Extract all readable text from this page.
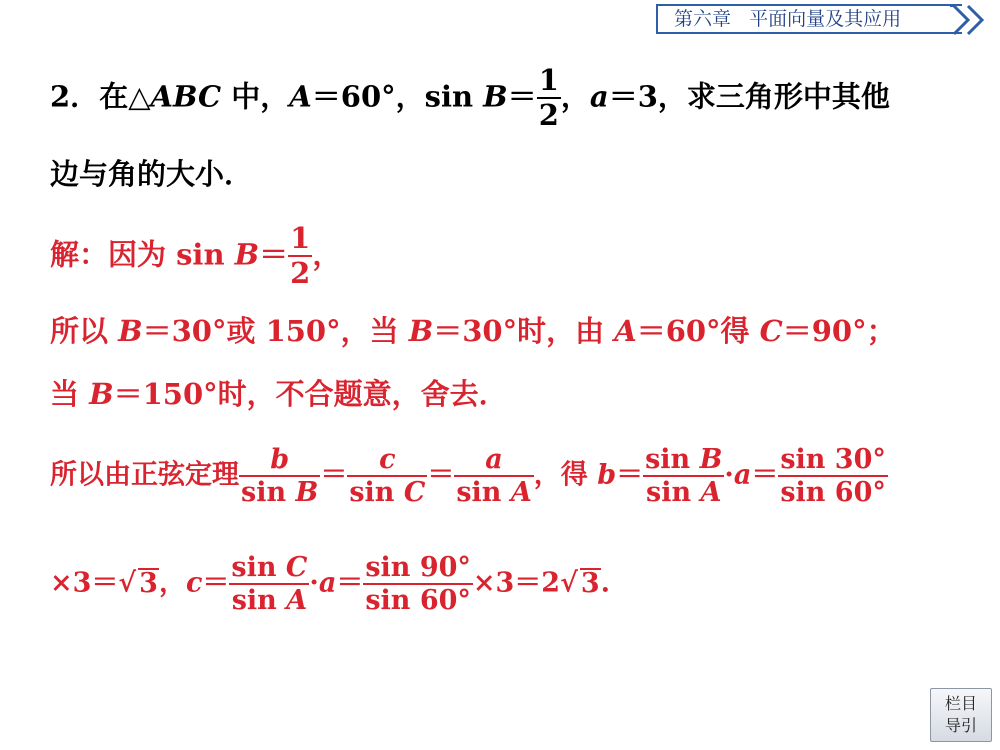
第六章 平面向量及其应用
2．在△ABC 中，A＝60°，$\sin B= \frac{1}{2}$ ，a＝3，求三角形中其他
边与角的大小．
解：因为 $\sin B= \frac{1}{2}$ ，
所以 B＝30°或 150°，当 B＝30°时，由 A＝60°得 C＝90°；
当 B＝150°时，不合题意，舍去．
所以由正弦定理 $\frac{b}{\text{sin B}} = \frac{c}{\text{sin C}} = \frac{a}{\text{sin A}}$ ，得 $b= \frac{\text{sin B}}{\text{sin A}} \cdot a= \frac{\sin 30^\circ}{\sin 60^\circ}$
×3＝√ 3，$c= \frac{\text{sin C}}{\text{sin A}} \cdot a= \frac{\sin 90^\circ}{\sin 60^\circ} \times 3=2√$ 3.
栏目
导引
